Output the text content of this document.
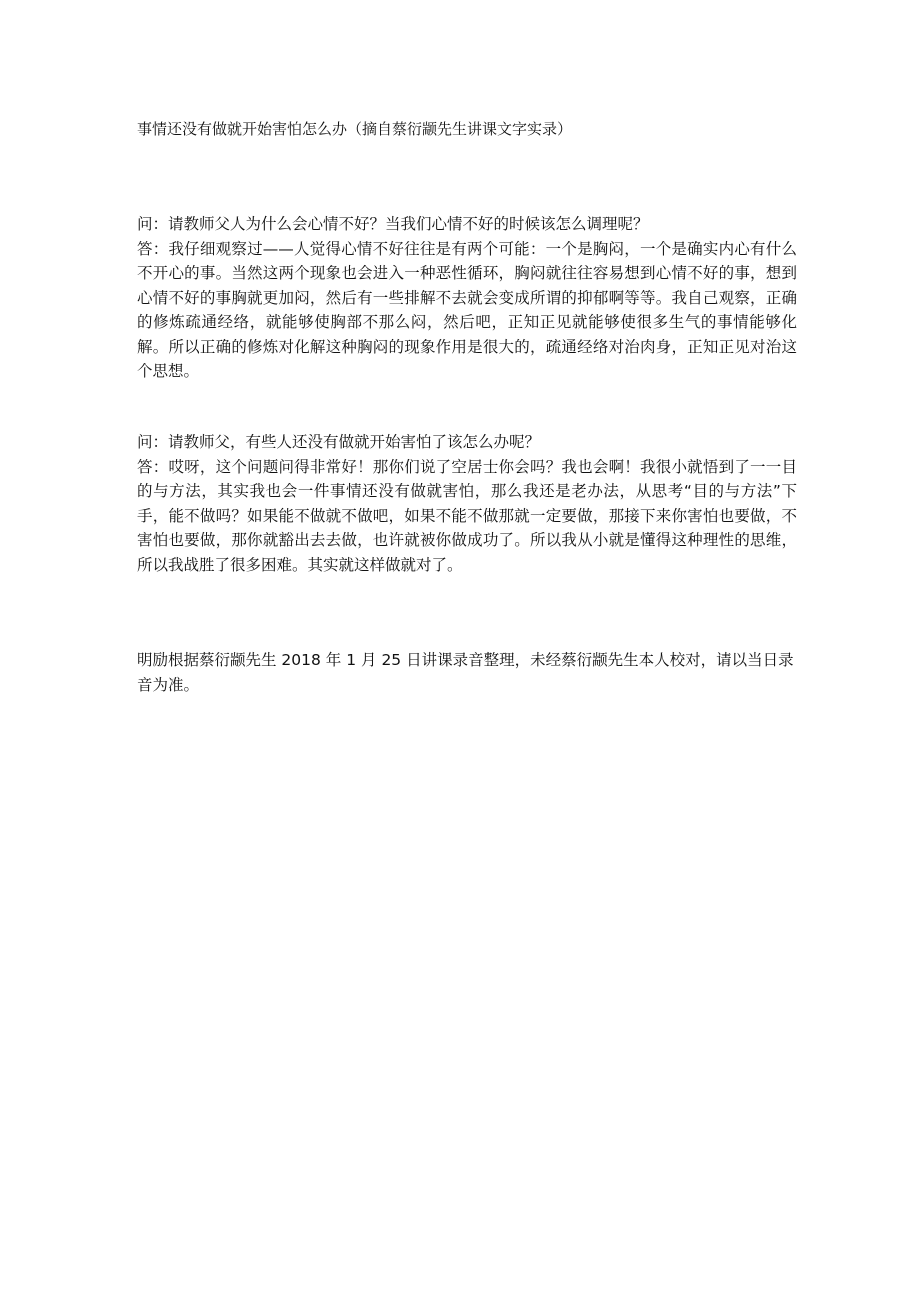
事情还没有做就开始害怕怎么办（摘自蔡衍颛先生讲课文字实录）

问：请教师父人为什么会心情不好？当我们心情不好的时候该怎么调理呢？

答：我仔细观察过——人觉得心情不好往往是有两个可能：一个是胸闷，一个是确实内心有什么不开心的事。当然这两个现象也会进入一种恶性循环，胸闷就往往容易想到心情不好的事，想到心情不好的事胸就更加闷，然后有一些排解不去就会变成所谓的抑郁啊等等。我自己观察，正确的修炼疏通经络，就能够使胸部不那么闷，然后吧，正知正见就能够使很多生气的事情能够化解。所以正确的修炼对化解这种胸闷的现象作用是很大的，疏通经络对治肉身，正知正见对治这个思想。

问：请教师父，有些人还没有做就开始害怕了该怎么办呢？

答：哎呀，这个问题问得非常好！那你们说了空居士你会吗？我也会啊！我很小就悟到了一一目的与方法，其实我也会一件事情还没有做就害怕，那么我还是老办法，从思考“目的与方法”下手，能不做吗？如果能不做就不做吧，如果不能不做那就一定要做，那接下来你害怕也要做，不害怕也要做，那你就豁出去去做，也许就被你做成功了。所以我从小就是懂得这种理性的思维，所以我战胜了很多困难。其实就这样做就对了。

明励根据蔡衍颛先生 2018 年 1 月 25 日讲课录音整理，未经蔡衍颛先生本人校对，请以当日录音为准。
